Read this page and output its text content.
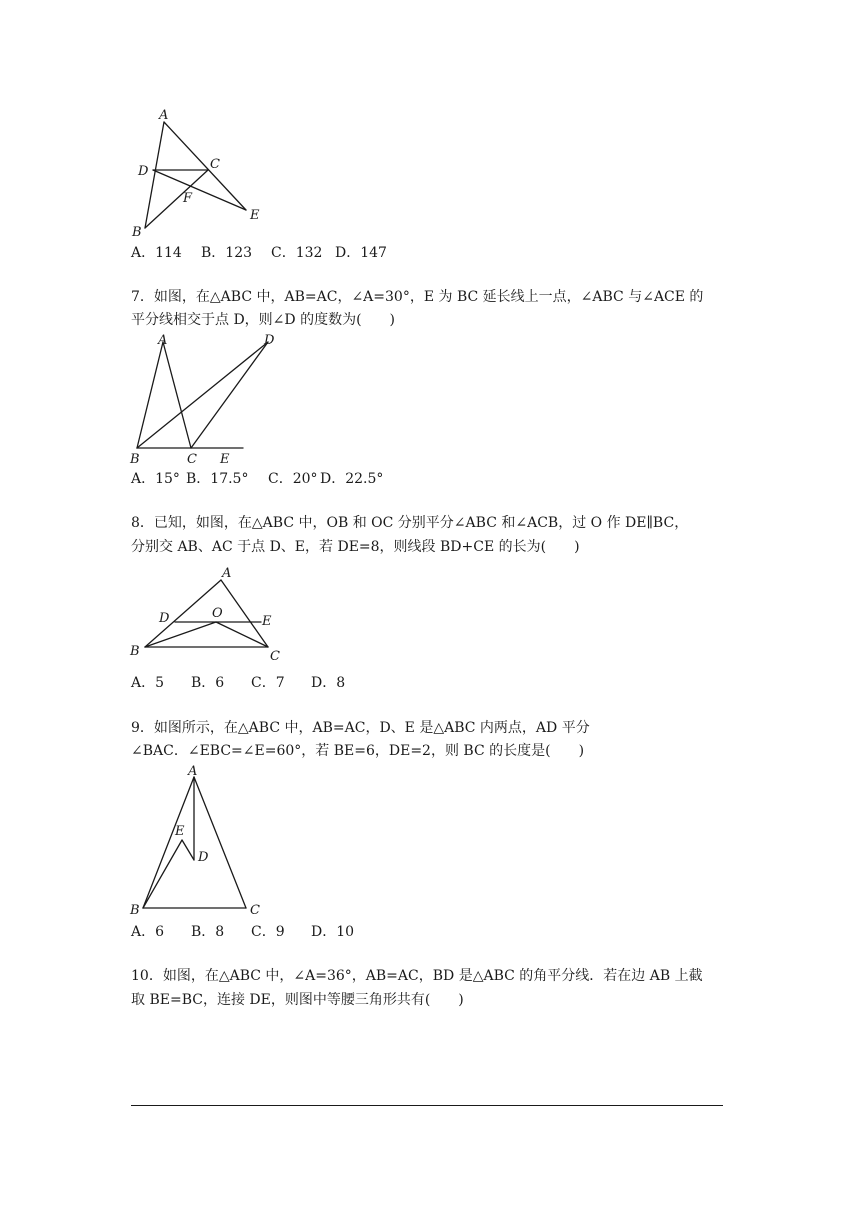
A
D	C
F
E
B
A．114 B．123 C．132 D．147
7．如图，在△ABC 中，AB=AC，∠A=30°，E 为 BC 延长线上一点，∠ABC 与∠ACE 的
平分线相交于点 D，则∠D 的度数为(　　)
A	D
B	C E
A．15° B．17.5° C．20° D．22.5°
8．已知，如图，在△ABC 中，OB 和 OC 分别平分∠ABC 和∠ACB，过 O 作 DE∥BC，
分别交 AB、AC 于点 D、E，若 DE=8，则线段 BD+CE 的长为(　　)
A
D	O
E
B	C
A．5 B．6 C．7 D．8
9．如图所示，在△ABC 中，AB=AC，D、E 是△ABC 内两点，AD 平分
∠BAC．∠EBC=∠E=60°，若 BE=6，DE=2，则 BC 的长度是(　　)
A
E
D
B	C
A．6 B．8 C．9 D．10
10．如图，在△ABC 中，∠A=36°，AB=AC，BD 是△ABC 的角平分线．若在边 AB 上截
取 BE=BC，连接 DE，则图中等腰三角形共有(　　)
